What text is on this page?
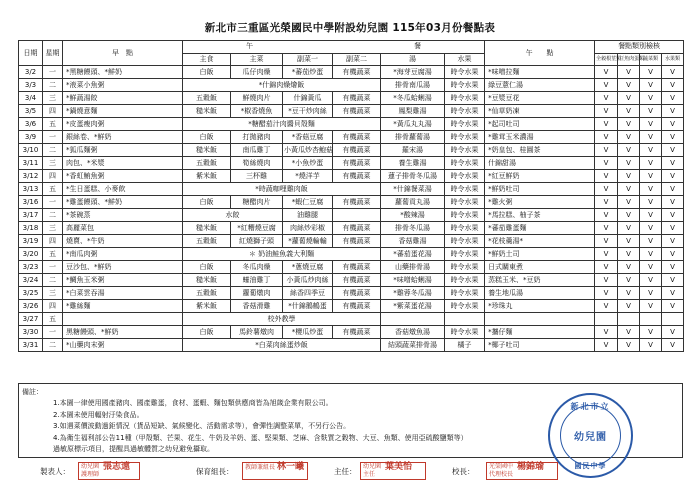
新北市三重區光榮國民中學附設幼兒園 115年03月份餐點表
日期	星期	早　點	午　　　　　　　　　　　　　　　　　　　　　　　餐						午　　點	餐點類別檢核			
			主食	主菜	副菜一	副菜二	湯	水果		全穀根莖類	豆魚肉蛋類	蔬菜類	水果類
3/2	一	*黑糖饅頭、*鮮奶	白飯	瓜仔肉燥	*蕃茄炒蛋	有機蔬菜	*海芽豆腐湯	時令水果	*味噌拉麵	V	V	V	V
3/3	二	*液菜小魚粥	*什錦肉燥燴飯				排骨南瓜湯	時令水果	綠豆薏仁湯	V	V	V	V
3/4	三	*鮮蔬湯餃	五穀飯	鮮燒肉片	什錦黃瓜	有機蔬菜	*冬瓜蛤蜊湯	時令水果	*豆漿豆花	V	V	V	V
3/5	四	*鍋燒意麵	糙米飯	*椒香燒魚	*豆干炒肉絲	有機蔬菜	鳳梨雞湯	時令水果	*仙草奶凍	V	V	V	V
3/6	五	*皮蛋瘦肉粥	*糖醋茄汁肉醬貝殼麵				*黃瓜丸丸湯	時令水果	*起司吐司	V	V	V	V
3/9	一	銀絲卷、*鮮奶	白飯	打拋豬肉	*香菇豆腐	有機蔬菜	排骨蘿蔔湯	時令水果	*雞茸玉米濃湯	V	V	V	V
3/10	二	*狐瓜麵粥	糙米飯	南瓜雞丁	小黃瓜炒杏鮑菇	有機蔬菜	羅宋湯	時令水果	*奶皇包、桂圓茶	V	V	V	V
3/11	三	肉包、*米漿	五穀飯	筍絲燒肉	*小魚炒蛋	有機蔬菜	養生雞湯	時令水果	什錦甜湯	V	V	V	V
3/12	四	*香虹鮪魚粥	紫米飯	三杯雞	*燒洋芋	有機蔬菜	蓮子排骨冬瓜湯	時令水果	*紅豆鮮奶	V	V	V	V
3/13	五	*生日蛋糕、小麥飲	*時蔬咖哩雞肉飯				*什錦餐菜湯	時令水果	*鮮奶吐司	V	V	V	V
3/16	一	*雞蛋饅頭、*鮮奶	白飯	糖醋肉片	*蝦仁豆腐	有機蔬菜	蘿蔔貢丸湯	時令水果	*雞火粥	V	V	V	V
3/17	二	*茶碗蒸	水餃		油雞腿		*酸辣湯	時令水果	*馬拉糕、柚子茶	V	V	V	V
3/18	三	高麗菜包	糙米飯	*紅糟燒豆腐	肉絲炒彩椒	有機蔬菜	排骨冬瓜湯	時令水果	*蕃茄雞蛋麵	V	V	V	V
3/19	四	燒賣、*牛奶	五穀飯	紅燒獅子頭	*蘿蔔燒輪輸	有機蔬菜	香菇雞湯	時令水果	*花枝羹湯*	V	V	V	V
3/20	五	*南瓜肉粥	＊ 奶油鮭魚義大利麵				*蕃茄蛋花湯	時令水果	*鮮奶土司	V	V	V	V
3/23	一	豆沙包、*鮮奶	白飯	冬瓜肉燥	*蔥燒豆腐	有機蔬菜	山藥排骨湯	時令水果	日式關東煮	V	V	V	V
3/24	二	*鯛魚玉米粥	糙米飯	蠔油雞丁	小黃瓜炒肉絲	有機蔬菜	*味噌蛤蜊湯	時令水果	蒸糕玉米、*豆奶	V	V	V	V
3/25	三	*白菜雲吞湯	五穀飯	蘿蔔燉肉	絲香四季豆	有機蔬菜	*雞蓉冬瓜湯	時令水果	養生地瓜湯	V	V	V	V
3/26	四	*雞絲麵	紫米飯	香菇滑雞	*什錦鵝鶴蛋	有機蔬菜	*紫菜蛋花湯	時令水果	*珍珠丸	V	V	V	V
3/27	五		校外教學										
3/30	一	黑糖饅頭、*鮮奶	白飯	馬鈴薯燉肉	*櫻瓜炒蛋	有機蔬菜	香菇燉魚湯	時令水果	*攜仔麵	V	V	V	V
3/31	二	*山藥肉末粥	*白菜肉絲蛋炒飯				結頭蔬菜排骨湯	橘子	*椰子吐司	V	V	V	V
備註：
1.本園一律使用國產豬肉、國產雞蛋，食材、蛋蝦、麵包類供應商皆為旭箴企業有限公司。
2.本園未使用輻射汙染食品。
3.如遇菜價波動過鉅情況（貨品短缺、氣候變化、活動需求等），會彈性調整菜單，不另行公告。
4.為衛生福利部公告11種（甲殼類、芒果、花生、牛奶及羊奶、蛋、堅果類、芝麻、含麩質之穀物、大豆、魚類、使用亞硫酸鹽類等）
過敏原標示項目，提醒具過敏體質之幼兒避免攝取。
新北市立
幼兒園
國民中學
製表人：
幼兒園 張志遠
護理師	保育組長：	教師兼組長 林一曦	主任：
幼兒園 葉美怡
主任	校長：
光榮國中 楊錦瑜
代理校長
